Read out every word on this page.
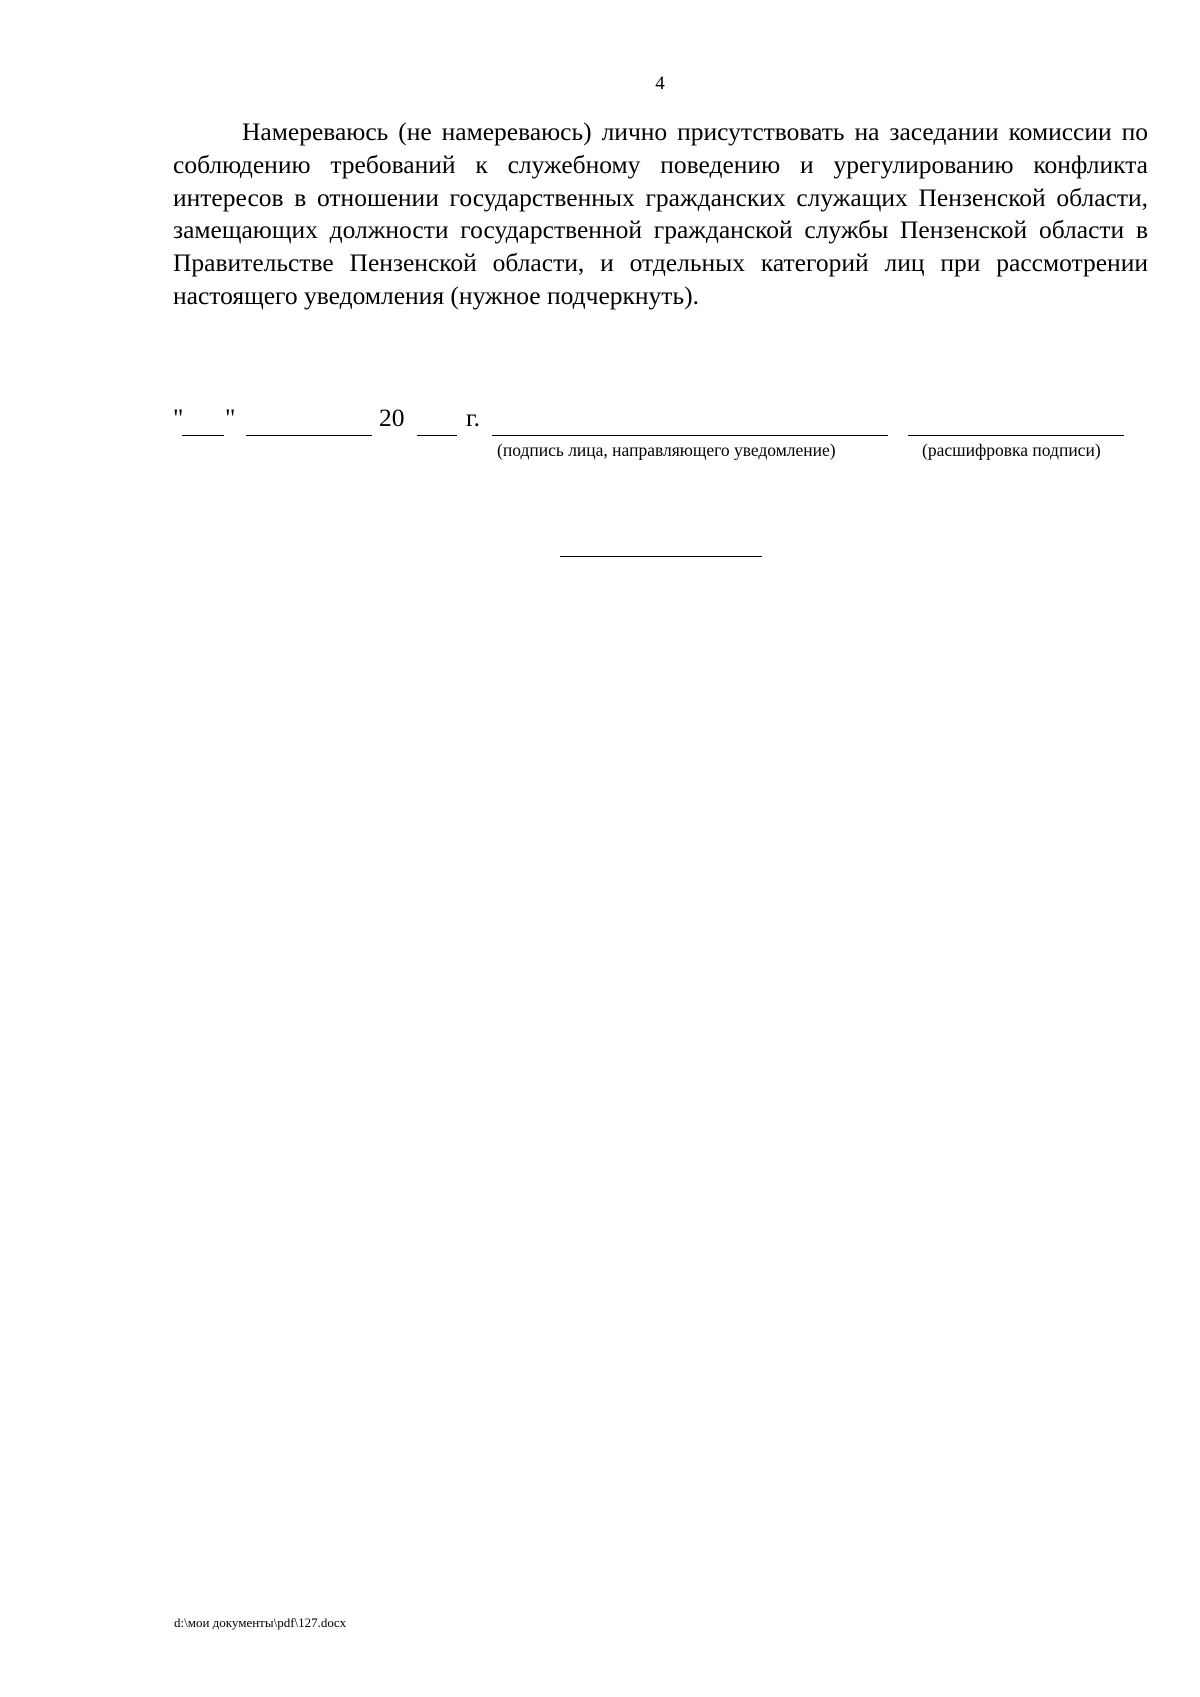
4

Намереваюсь (не намереваюсь) лично присутствовать на заседании комиссии по соблюдению требований к служебному поведению и урегулированию конфликта интересов в отношении государственных гражданских служащих Пензенской области, замещающих должности государственной гражданской службы Пензенской области в Правительстве Пензенской области, и отдельных категорий лиц при рассмотрении настоящего уведомления (нужное подчеркнуть).

" "	20 г.
(подпись лица, направляющего уведомление)	(расшифровка подписи)
d:\мои документы\pdf\127.docx
